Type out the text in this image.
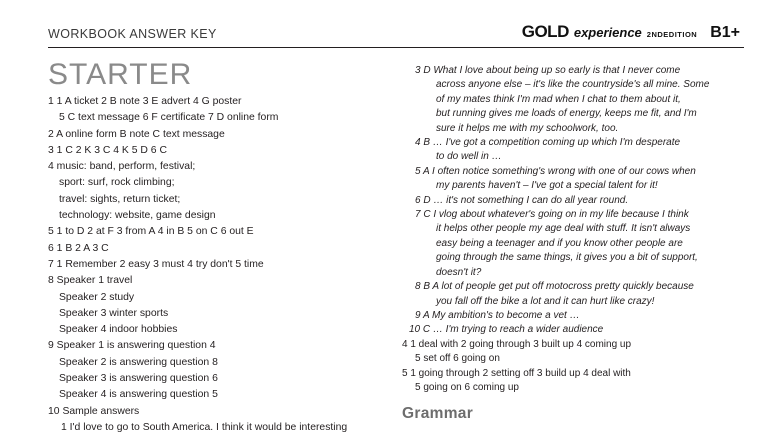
WORKBOOK ANSWER KEY	GOLD experience 2NDEDITION B1+
STARTER
1 1 A ticket 2 B note 3 E advert 4 G poster
5 C text message 6 F certificate 7 D online form
2 A online form B note C text message
3 1 C 2 K 3 C 4 K 5 D 6 C
4 music: band, perform, festival;
sport: surf, rock climbing;
travel: sights, return ticket;
technology: website, game design
5 1 to D 2 at F 3 from A 4 in B 5 on C 6 out E
6 1 B 2 A 3 C
7 1 Remember 2 easy 3 must 4 try don't 5 time
8 Speaker 1 travel
Speaker 2 study
Speaker 3 winter sports
Speaker 4 indoor hobbies
9 Speaker 1 is answering question 4
Speaker 2 is answering question 8
Speaker 3 is answering question 6
Speaker 4 is answering question 5
10 Sample answers
1 I'd love to go to South America. I think it would be interesting
3 D What I love about being up so early is that I never come
across anyone else – it's like the countryside's all mine. Some
of my mates think I'm mad when I chat to them about it,
but running gives me loads of energy, keeps me fit, and I'm
sure it helps me with my schoolwork, too.
4 B … I've got a competition coming up which I'm desperate
to do well in …
5 A I often notice something's wrong with one of our cows when
my parents haven't – I've got a special talent for it!
6 D … it's not something I can do all year round.
7 C I vlog about whatever's going on in my life because I think
it helps other people my age deal with stuff. It isn't always
easy being a teenager and if you know other people are
going through the same things, it gives you a bit of support,
doesn't it?
8 B A lot of people get put off motocross pretty quickly because
you fall off the bike a lot and it can hurt like crazy!
9 A My ambition's to become a vet …
10 C … I'm trying to reach a wider audience
4 1 deal with 2 going through 3 built up 4 coming up
5 set off 6 going on
5 1 going through 2 setting off 3 build up 4 deal with
5 going on 6 coming up
Grammar
